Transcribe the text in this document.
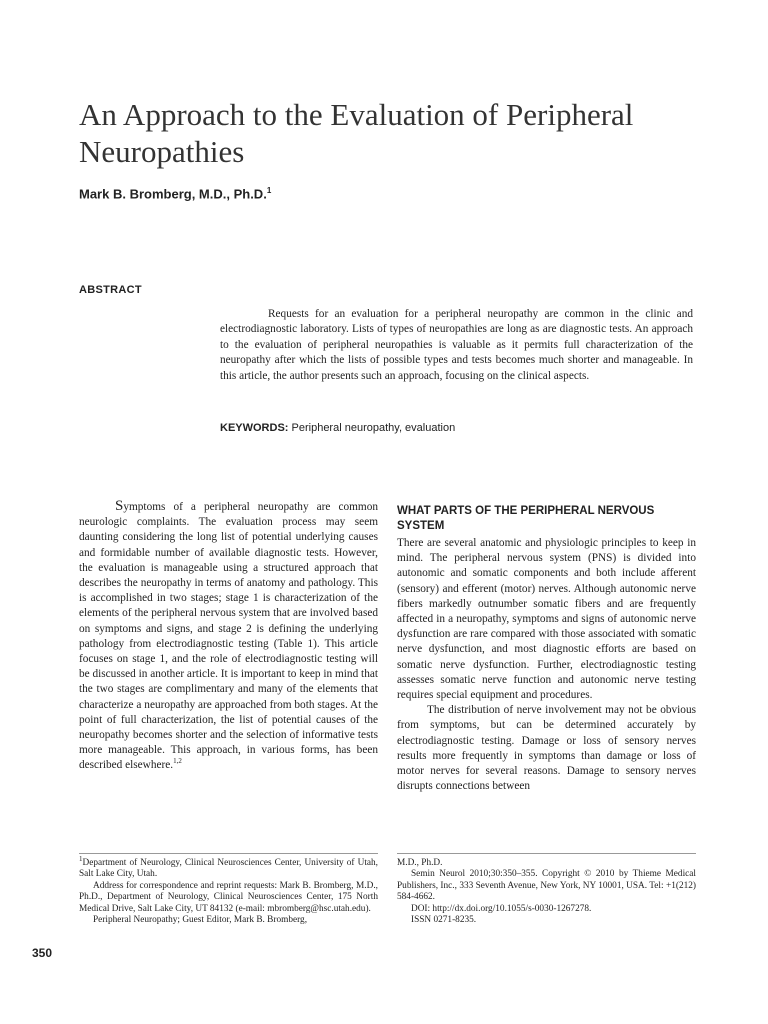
An Approach to the Evaluation of Peripheral Neuropathies
Mark B. Bromberg, M.D., Ph.D.$^1$
ABSTRACT

Requests for an evaluation for a peripheral neuropathy are common in the clinic and electrodiagnostic laboratory. Lists of types of neuropathies are long as are diagnostic tests. An approach to the evaluation of peripheral neuropathies is valuable as it permits full characterization of the neuropathy after which the lists of possible types and tests becomes much shorter and manageable. In this article, the author presents such an approach, focusing on the clinical aspects.

KEYWORDS: Peripheral neuropathy, evaluation

Symptoms of a peripheral neuropathy are common neurologic complaints. The evaluation process may seem daunting considering the long list of potential underlying causes and formidable number of available diagnostic tests. However, the evaluation is manageable using a structured approach that describes the neuropathy in terms of anatomy and pathology. This is accomplished in two stages; stage 1 is characterization of the elements of the peripheral nervous system that are involved based on symptoms and signs, and stage 2 is defining the underlying pathology from electrodiagnostic testing (Table 1). This article focuses on stage 1, and the role of electrodiagnostic testing will be discussed in another article. It is important to keep in mind that the two stages are complimentary and many of the elements that characterize a neuropathy are approached from both stages. At the point of full characterization, the list of potential causes of the neuropathy becomes shorter and the selection of informative tests more manageable. This approach, in various forms, has been described elsewhere.$^{1,2}$

WHAT PARTS OF THE PERIPHERAL NERVOUS SYSTEM

There are several anatomic and physiologic principles to keep in mind. The peripheral nervous system (PNS) is divided into autonomic and somatic components and both include afferent (sensory) and efferent (motor) nerves. Although autonomic nerve fibers markedly outnumber somatic fibers and are frequently affected in a neuropathy, symptoms and signs of autonomic nerve dysfunction are rare compared with those associated with somatic nerve dysfunction, and most diagnostic efforts are based on somatic nerve dysfunction. Further, electrodiagnostic testing assesses somatic nerve function and autonomic nerve testing requires special equipment and procedures.

The distribution of nerve involvement may not be obvious from symptoms, but can be determined accurately by electrodiagnostic testing. Damage or loss of sensory nerves results more frequently in symptoms than damage or loss of motor nerves for several reasons. Damage to sensory nerves disrupts connections between

$^1$Department of Neurology, Clinical Neurosciences Center, University of Utah, Salt Lake City, Utah.

Address for correspondence and reprint requests: Mark B. Bromberg, M.D., Ph.D., Department of Neurology, Clinical Neurosciences Center, 175 North Medical Drive, Salt Lake City, UT 84132 (e-mail: mbromberg@hsc.utah.edu).

Peripheral Neuropathy; Guest Editor, Mark B. Bromberg,

M.D., Ph.D.

Semin Neurol 2010;30:350–355. Copyright © 2010 by Thieme Medical Publishers, Inc., 333 Seventh Avenue, New York, NY 10001, USA. Tel: +1(212) 584-4662.

DOI: http://dx.doi.org/10.1055/s-0030-1267278.

ISSN 0271-8235.

350
